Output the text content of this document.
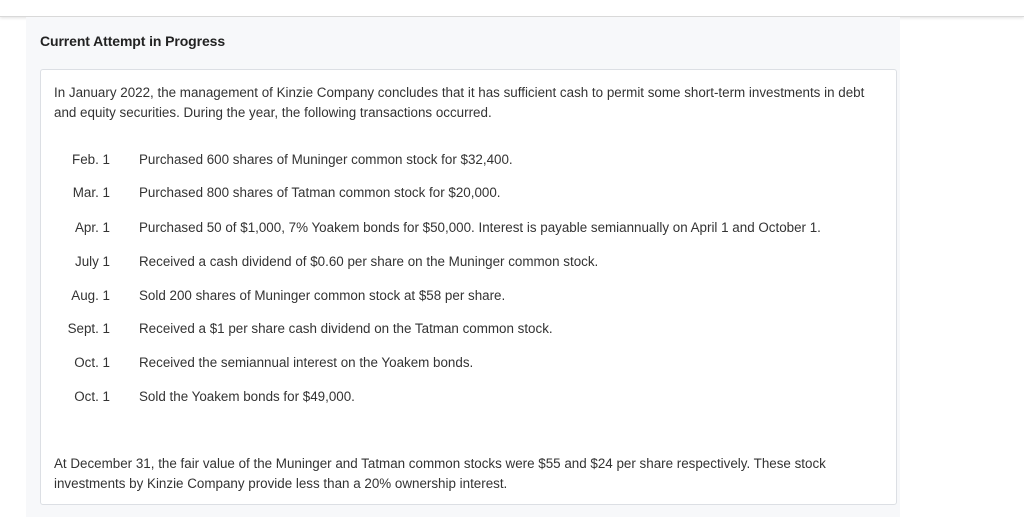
Current Attempt in Progress
In January 2022, the management of Kinzie Company concludes that it has sufficient cash to permit some short-term investments in debt and equity securities. During the year, the following transactions occurred.
Feb. 1 Purchased 600 shares of Muninger common stock for $32,400.
Mar. 1 Purchased 800 shares of Tatman common stock for $20,000.
Apr. 1 Purchased 50 of $1,000, 7% Yoakem bonds for $50,000. Interest is payable semiannually on April 1 and October 1.
July 1 Received a cash dividend of $0.60 per share on the Muninger common stock.
Aug. 1 Sold 200 shares of Muninger common stock at $58 per share.
Sept. 1 Received a $1 per share cash dividend on the Tatman common stock.
Oct. 1 Received the semiannual interest on the Yoakem bonds.
Oct. 1 Sold the Yoakem bonds for $49,000.
At December 31, the fair value of the Muninger and Tatman common stocks were $55 and $24 per share respectively. These stock investments by Kinzie Company provide less than a 20% ownership interest.
